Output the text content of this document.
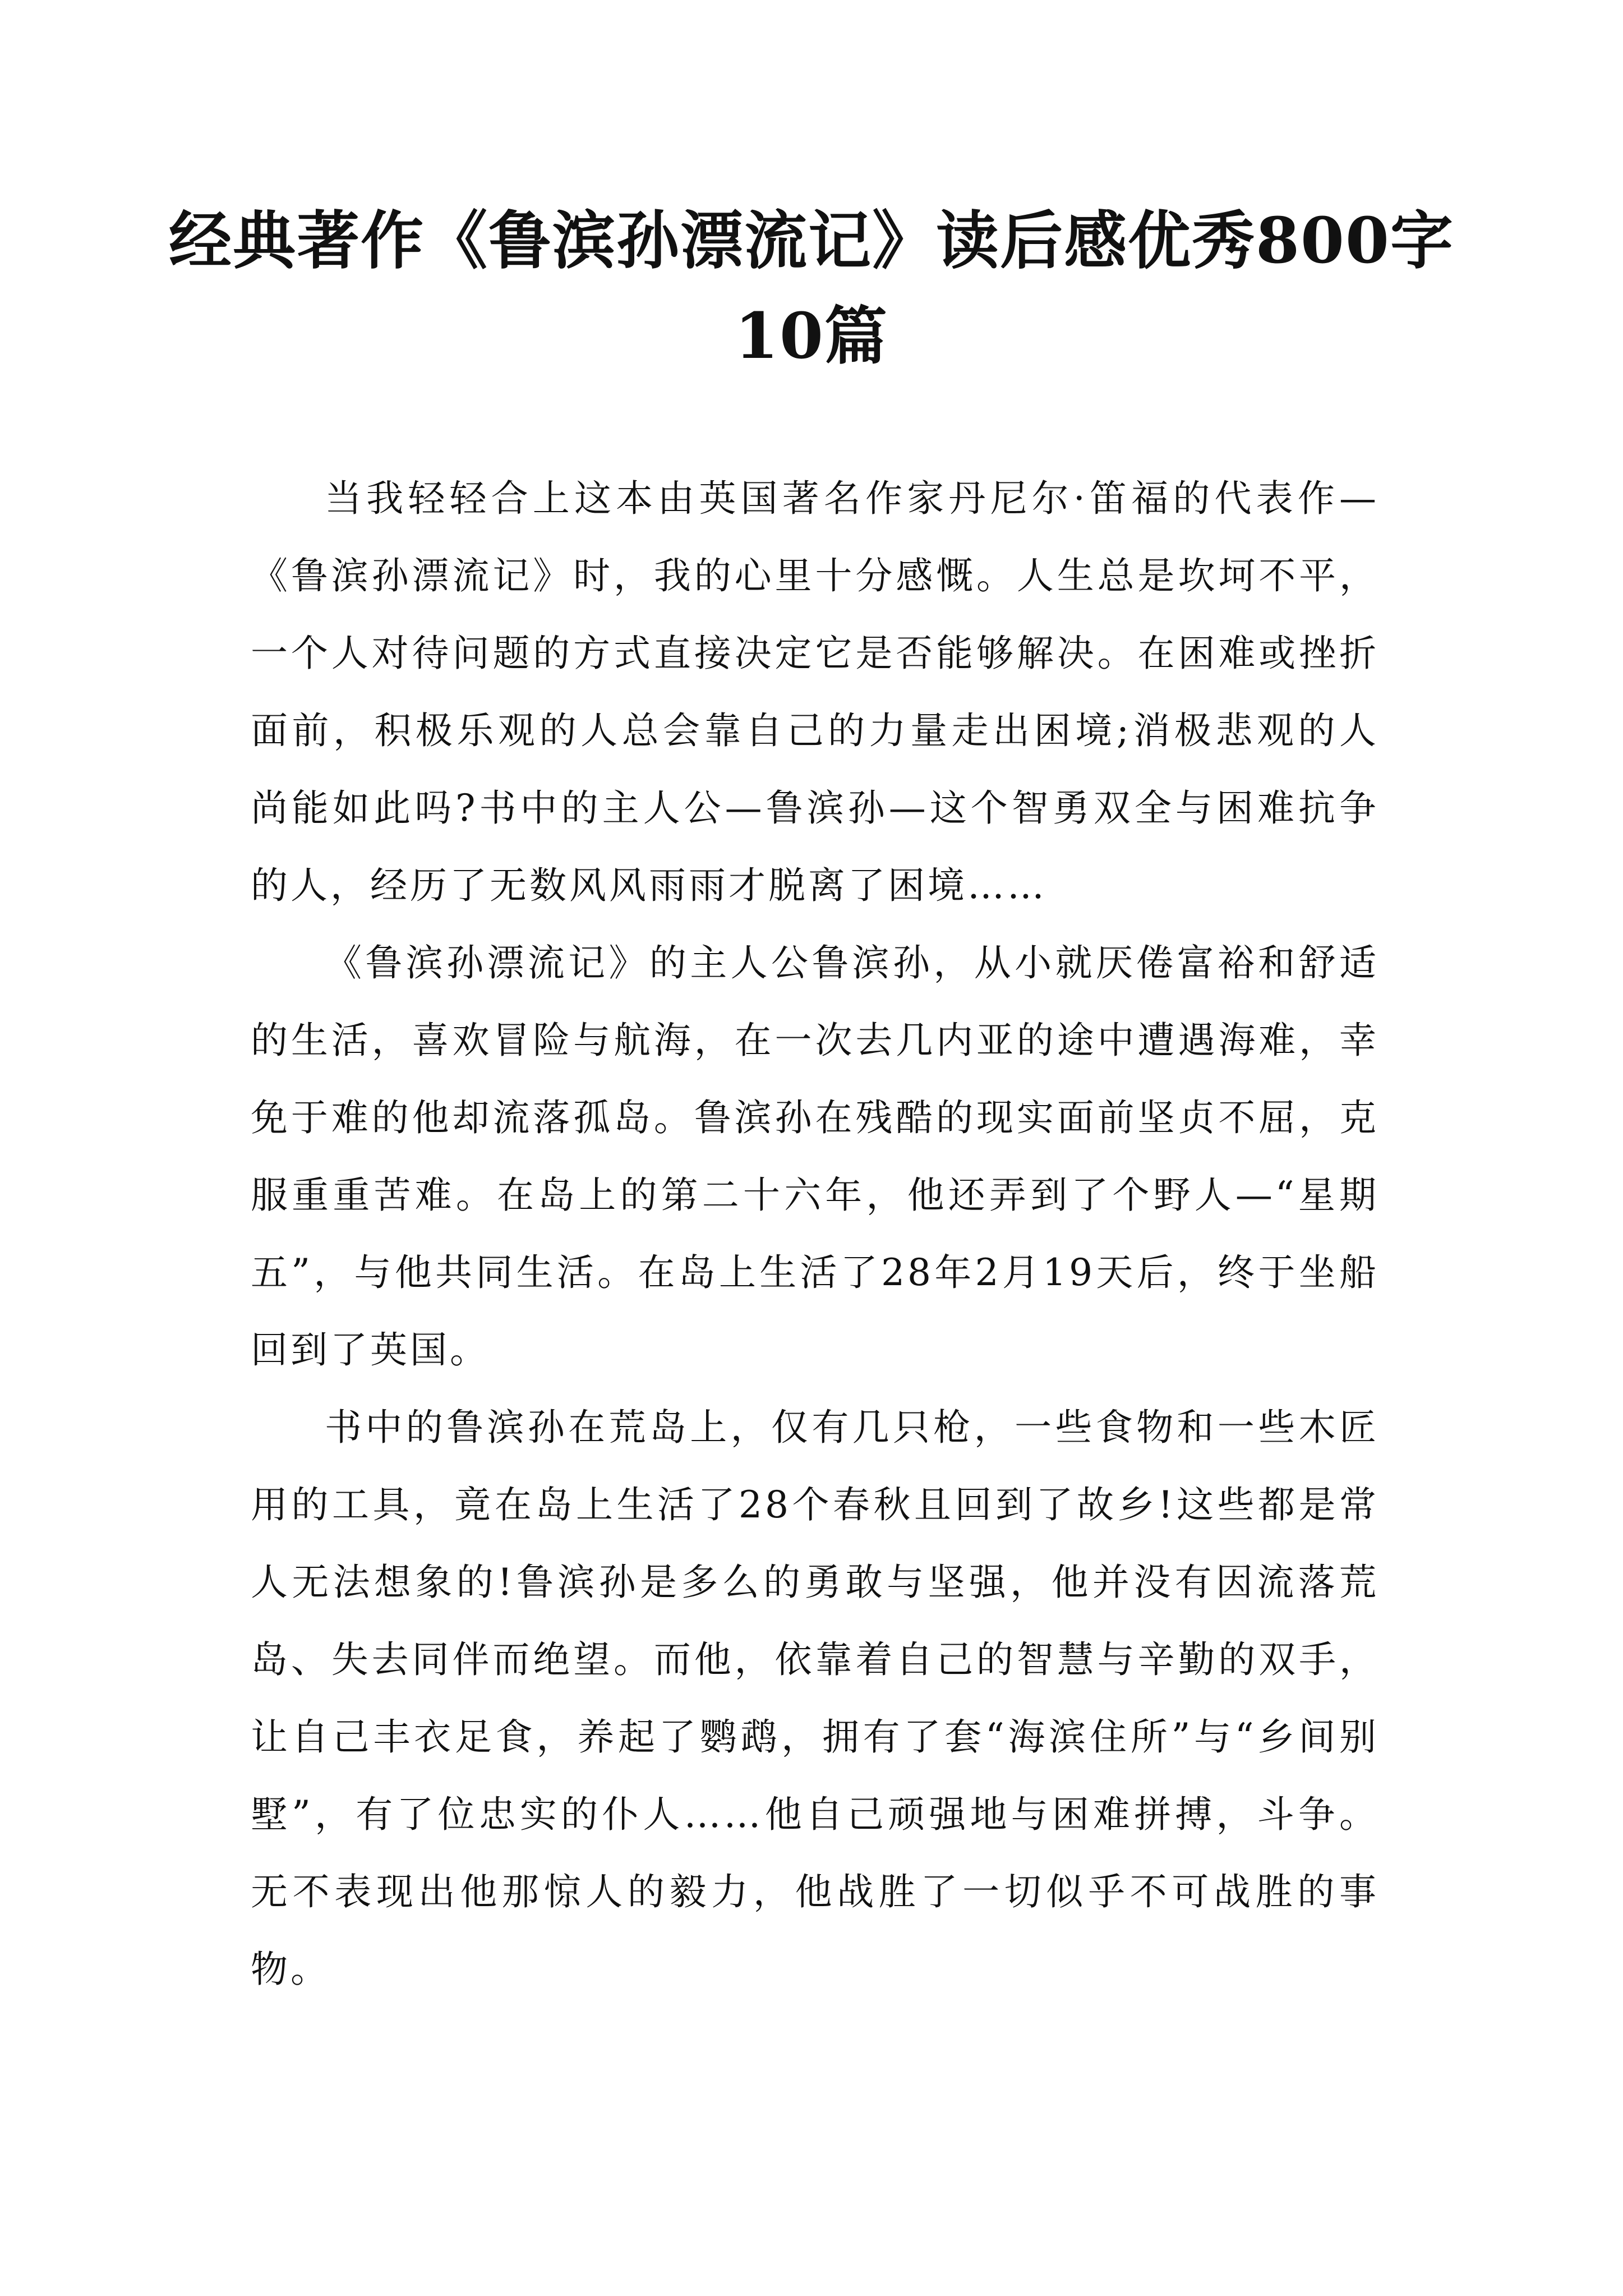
经典著作《鲁滨孙漂流记》读后感优秀800字10篇

当我轻轻合上这本由英国著名作家丹尼尔·笛福的代表作—《鲁滨孙漂流记》时，我的心里十分感慨。人生总是坎坷不平，一个人对待问题的方式直接决定它是否能够解决。在困难或挫折面前，积极乐观的人总会靠自己的力量走出困境;消极悲观的人尚能如此吗?书中的主人公—鲁滨孙—这个智勇双全与困难抗争的人，经历了无数风风雨雨才脱离了困境……

《鲁滨孙漂流记》的主人公鲁滨孙，从小就厌倦富裕和舒适的生活，喜欢冒险与航海，在一次去几内亚的途中遭遇海难，幸免于难的他却流落孤岛。鲁滨孙在残酷的现实面前坚贞不屈，克服重重苦难。在岛上的第二十六年，他还弄到了个野人—“星期五”，与他共同生活。在岛上生活了28年2月19天后，终于坐船回到了英国。

书中的鲁滨孙在荒岛上，仅有几只枪，一些食物和一些木匠用的工具，竟在岛上生活了28个春秋且回到了故乡!这些都是常人无法想象的!鲁滨孙是多么的勇敢与坚强，他并没有因流落荒岛、失去同伴而绝望。而他，依靠着自己的智慧与辛勤的双手，让自己丰衣足食，养起了鹦鹉，拥有了套“海滨住所”与“乡间别墅”，有了位忠实的仆人……他自己顽强地与困难拼搏，斗争。无不表现出他那惊人的毅力，他战胜了一切似乎不可战胜的事物。
